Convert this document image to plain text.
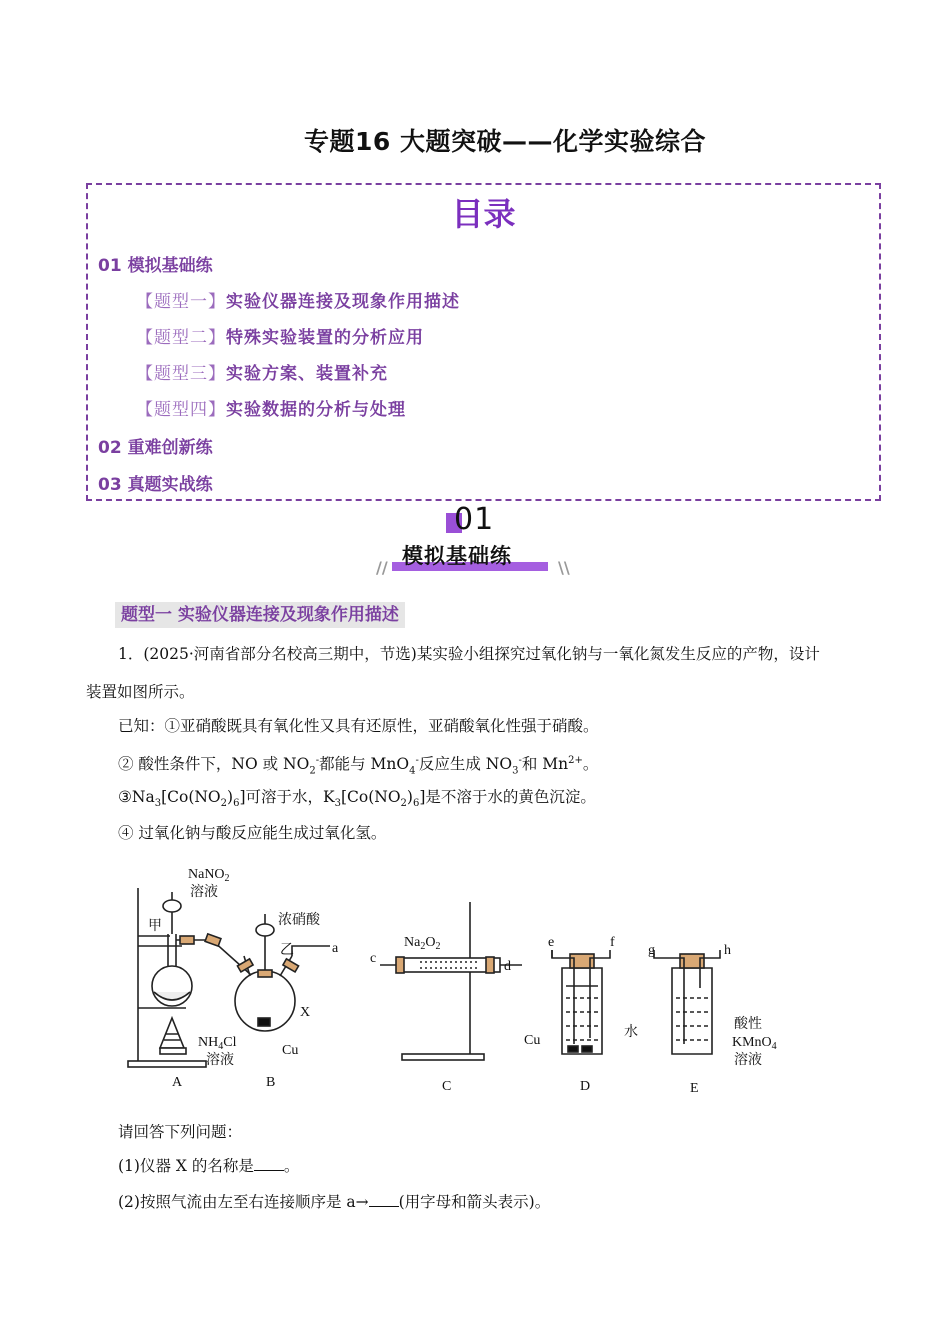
专题16 大题突破——化学实验综合
目录
01 模拟基础练
【题型一】实验仪器连接及现象作用描述
【题型二】特殊实验装置的分析应用
【题型三】实验方案、装置补充
【题型四】实验数据的分析与处理
02 重难创新练
03 真题实战练
01
模拟基础练
//	\\
题型一 实验仪器连接及现象作用描述
1．(2025·河南省部分名校高三期中，节选)某实验小组探究过氧化钠与一氧化氮发生反应的产物，设计
装置如图所示。
已知：①亚硝酸既具有氧化性又具有还原性，亚硝酸氧化性强于硝酸。
② 酸性条件下，NO 或 $NO_2^-$都能与 MnO$_4$-反应生成 $NO_3^-$和 $Mn^{2+}$。
$③Na_3[Co(NO_2)_6]$可溶于水，$K_3[Co(NO_2)_6]$是不溶于水的黄色沉淀。
④ 过氧化钠与酸反应能生成过氧化氢。
A	B	C	D	E
甲
乙
X
NaNO$_2$
溶液
$NH_4Cl$
溶液
浓硝酸
Cu
a
c
d
$Na_2O_2$	e	f
g	h
Cu
水	酸性
KMnO$_4$
溶液
请回答下列问题：
(1)仪器 X 的名称是 。
(2)按照气流由左至右连接顺序是 a→ (用字母和箭头表示)。
